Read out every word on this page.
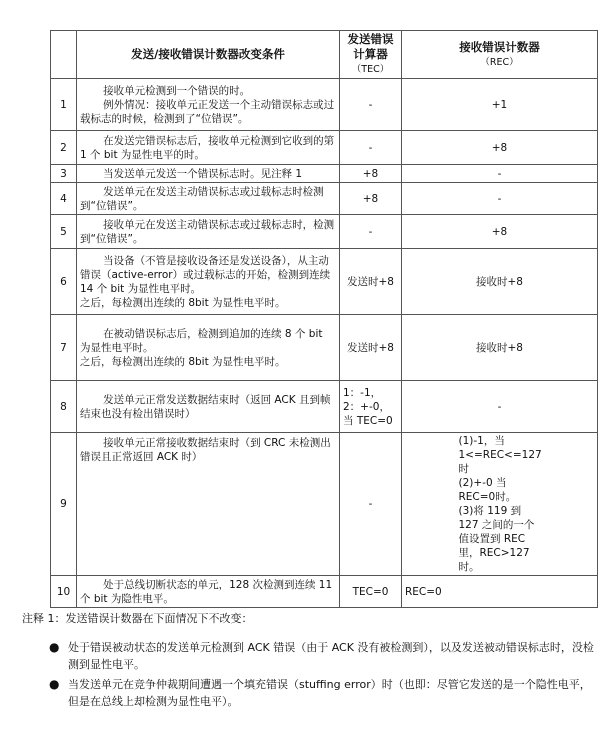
	发送/接收错误计数器改变条件	发送错误计算器
（TEC）	接收错误计数器
（REC）

1	接收单元检测到一个错误的时。
例外情况：接收单元正发送一个主动错误标志或过载标志的时候，检测到了“位错误”。	-	+1
2	在发送完错误标志后，接收单元检测到它收到的第 1 个 bit 为显性电平的时。	-	+8
3	当发送单元发送一个错误标志时。见注释 1	+8	-
4	发送单元在发送主动错误标志或过载标志时检测到“位错误”。	+8	-
5	接收单元在发送主动错误标志或过载标志时，检测到“位错误”。	-	+8
6	当设备（不管是接收设备还是发送设备），从主动错误（active-error）或过载标志的开始，检测到连续 14 个 bit 为显性电平时。
之后，每检测出连续的 8bit 为显性电平时。	发送时+8	接收时+8
7	在被动错误标志后，检测到追加的连续 8 个 bit 为显性电平时。
之后，每检测出连续的 8bit 为显性电平时。	发送时+8	接收时+8
8	发送单元正常发送数据结束时（返回 ACK 且到帧结束也没有检出错误时）	1：-1，
2：+-0，
当 TEC=0	-
9	接收单元正常接收数据结束时（到 CRC 未检测出错误且正常返回 ACK 时）	-	(1)-1，当 1<=REC<=127 时
(2)+-0 当 REC=0时。
(3)将 119 到 127 之间的一个值设置到 REC 里，REC>127 时。

10	处于总线切断状态的单元，128 次检测到连续 11 个 bit 为隐性电平。	TEC=0	REC=0
注释 1：发送错误计数器在下面情况下不改变：
● 处于错误被动状态的发送单元检测到 ACK 错误（由于 ACK 没有被检测到），以及发送被动错误标志时，没检测到显性电平。
● 当发送单元在竞争仲裁期间遭遇一个填充错误（stuffing error）时（也即：尽管它发送的是一个隐性电平，但是在总线上却检测为显性电平）。
